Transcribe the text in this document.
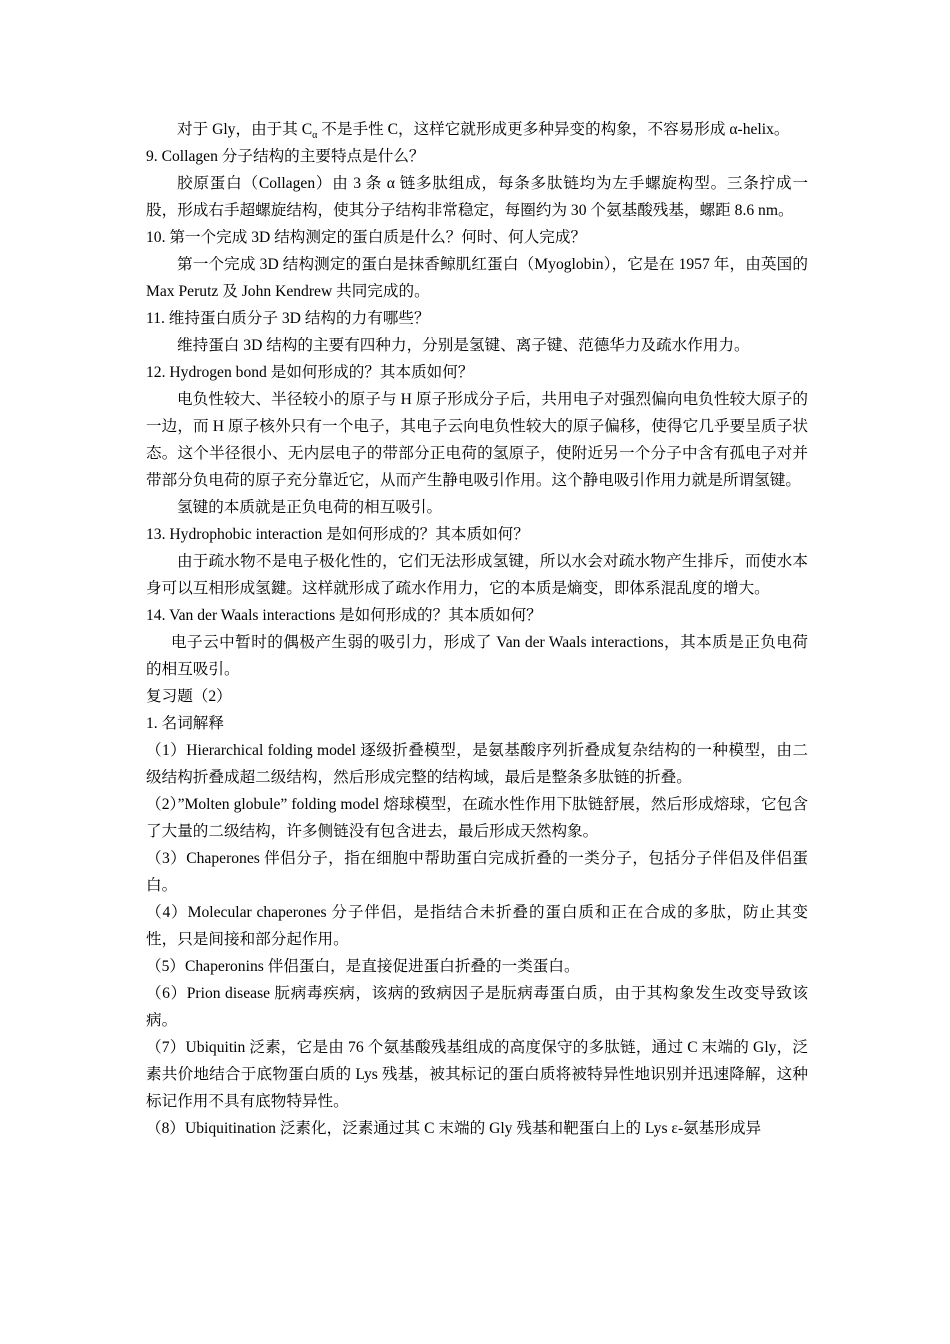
对于 Gly，由于其 $C_\alpha$ 不是手性 C，这样它就形成更多种异变的构象，不容易形成 α-helix。

9. Collagen 分子结构的主要特点是什么？

胶原蛋白（Collagen）由 3 条 α 链多肽组成，每条多肽链均为左手螺旋构型。三条拧成一股，形成右手超螺旋结构，使其分子结构非常稳定，每圈约为 30 个氨基酸残基，螺距 8.6 nm。

10. 第一个完成 3D 结构测定的蛋白质是什么？何时、何人完成？

第一个完成 3D 结构测定的蛋白是抹香鲸肌红蛋白（Myoglobin），它是在 1957 年，由英国的 Max Perutz 及 John Kendrew 共同完成的。

11. 维持蛋白质分子 3D 结构的力有哪些？

维持蛋白 3D 结构的主要有四种力，分别是氢键、离子键、范德华力及疏水作用力。

12. Hydrogen bond 是如何形成的？其本质如何？

电负性较大、半径较小的原子与 H 原子形成分子后，共用电子对强烈偏向电负性较大原子的一边，而 H 原子核外只有一个电子，其电子云向电负性较大的原子偏移，使得它几乎要呈质子状态。这个半径很小、无内层电子的带部分正电荷的氢原子，使附近另一个分子中含有孤电子对并带部分负电荷的原子充分靠近它，从而产生静电吸引作用。这个静电吸引作用力就是所谓氢键。

氢键的本质就是正负电荷的相互吸引。

13. Hydrophobic interaction 是如何形成的？其本质如何？

由于疏水物不是电子极化性的，它们无法形成氢键，所以水会对疏水物产生排斥，而使水本身可以互相形成氢鍵。这样就形成了疏水作用力，它的本质是熵变，即体系混乱度的增大。

14. Van der Waals interactions 是如何形成的？其本质如何？

电子云中暂时的偶极产生弱的吸引力，形成了 Van der Waals interactions，其本质是正负电荷的相互吸引。

复习题（2）

1. 名词解释

（1）Hierarchical folding model 逐级折叠模型，是氨基酸序列折叠成复杂结构的一种模型，由二级结构折叠成超二级结构，然后形成完整的结构域，最后是整条多肽链的折叠。

（2）”Molten globule” folding model 熔球模型，在疏水性作用下肽链舒展，然后形成熔球，它包含了大量的二级结构，许多侧链没有包含进去，最后形成天然构象。

（3）Chaperones 伴侣分子，指在细胞中帮助蛋白完成折叠的一类分子，包括分子伴侣及伴侣蛋白。

（4）Molecular chaperones 分子伴侣，是指结合未折叠的蛋白质和正在合成的多肽，防止其变性，只是间接和部分起作用。

（5）Chaperonins 伴侣蛋白，是直接促进蛋白折叠的一类蛋白。

（6）Prion disease 朊病毒疾病，该病的致病因子是朊病毒蛋白质，由于其构象发生改变导致该病。

（7）Ubiquitin 泛素，它是由 76 个氨基酸残基组成的高度保守的多肽链，通过 C 末端的 Gly，泛素共价地结合于底物蛋白质的 Lys 残基，被其标记的蛋白质将被特异性地识别并迅速降解，这种标记作用不具有底物特异性。

（8）Ubiquitination 泛素化，泛素通过其 C 末端的 Gly 残基和靶蛋白上的 Lys ε-氨基形成异
